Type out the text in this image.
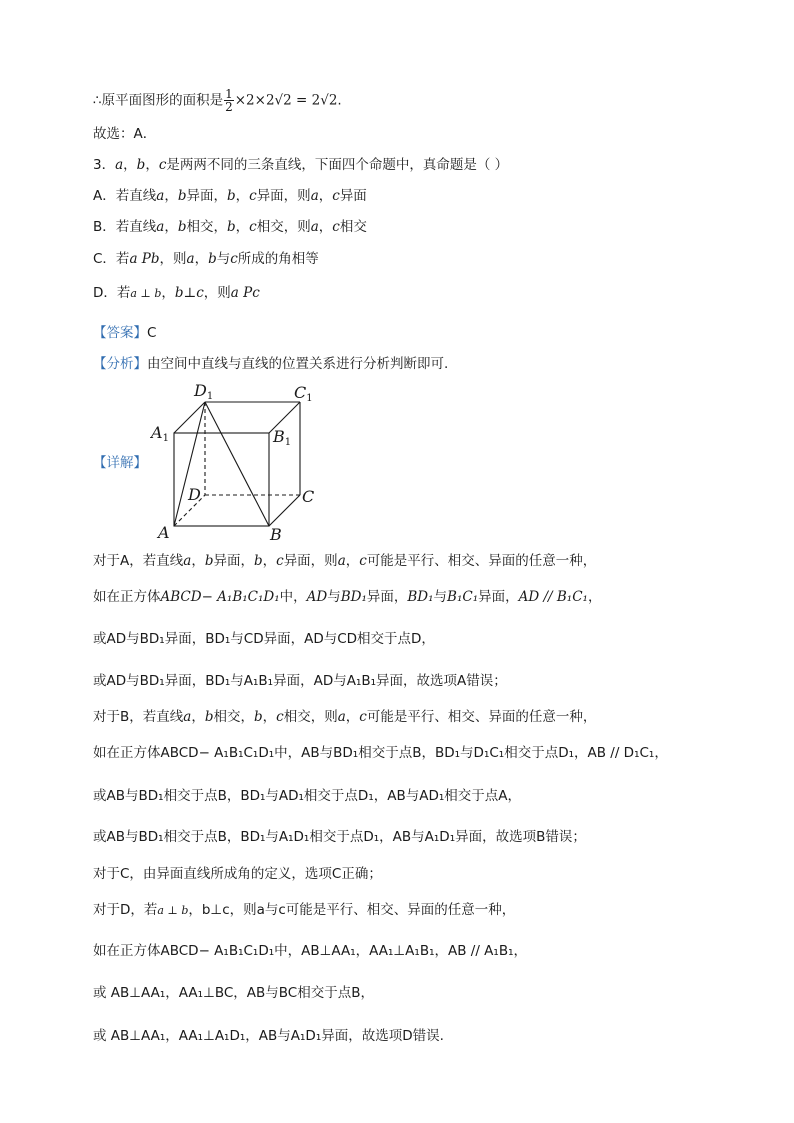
∴原平面图形的面积是 $\frac{1}{2} \times 2\times 2√2 = 2√2$.
故选：A．
3．a，b，c是两两不同的三条直线，下面四个命题中，真命题是（ ）
A．若直线a，b异面，b，c异面，则a，c异面
B．若直线a，b相交，b，c相交，则a，c相交
C．若a Pb，则a，b与c所成的角相等
D．若a ⊥ b，b⊥c，则a Pc
【答案】C
【分析】由空间中直线与直线的位置关系进行分析判断即可.
【详解】
D1	C1
A1	B1
D	C
A	B
对于A，若直线a，b异面，b，c异面，则a，c可能是平行、相交、异面的任意一种，
如在正方体ABCD− A₁B₁C₁D₁中，AD与BD₁异面，BD₁与B₁C₁异面，AD // B₁C₁，
或AD与BD₁异面，BD₁与CD异面，AD与CD相交于点D，
或AD与BD₁异面，BD₁与A₁B₁异面，AD与A₁B₁异面，故选项A错误；
对于B，若直线a，b相交，b，c相交，则a，c可能是平行、相交、异面的任意一种，
如在正方体ABCD− A₁B₁C₁D₁中，AB与BD₁相交于点B，BD₁与D₁C₁相交于点D₁，AB // D₁C₁，
或AB与BD₁相交于点B，BD₁与AD₁相交于点D₁，AB与AD₁相交于点A，
或AB与BD₁相交于点B，BD₁与A₁D₁相交于点D₁，AB与A₁D₁异面，故选项B错误；
对于C，由异面直线所成角的定义，选项C正确；
对于D，若a ⊥ b，b⊥c，则a与c可能是平行、相交、异面的任意一种，
如在正方体ABCD− A₁B₁C₁D₁中，AB⊥AA₁，AA₁⊥A₁B₁，AB // A₁B₁，
或 AB⊥AA₁，AA₁⊥BC，AB与BC相交于点B，
或 AB⊥AA₁，AA₁⊥A₁D₁，AB与A₁D₁异面，故选项D错误.
